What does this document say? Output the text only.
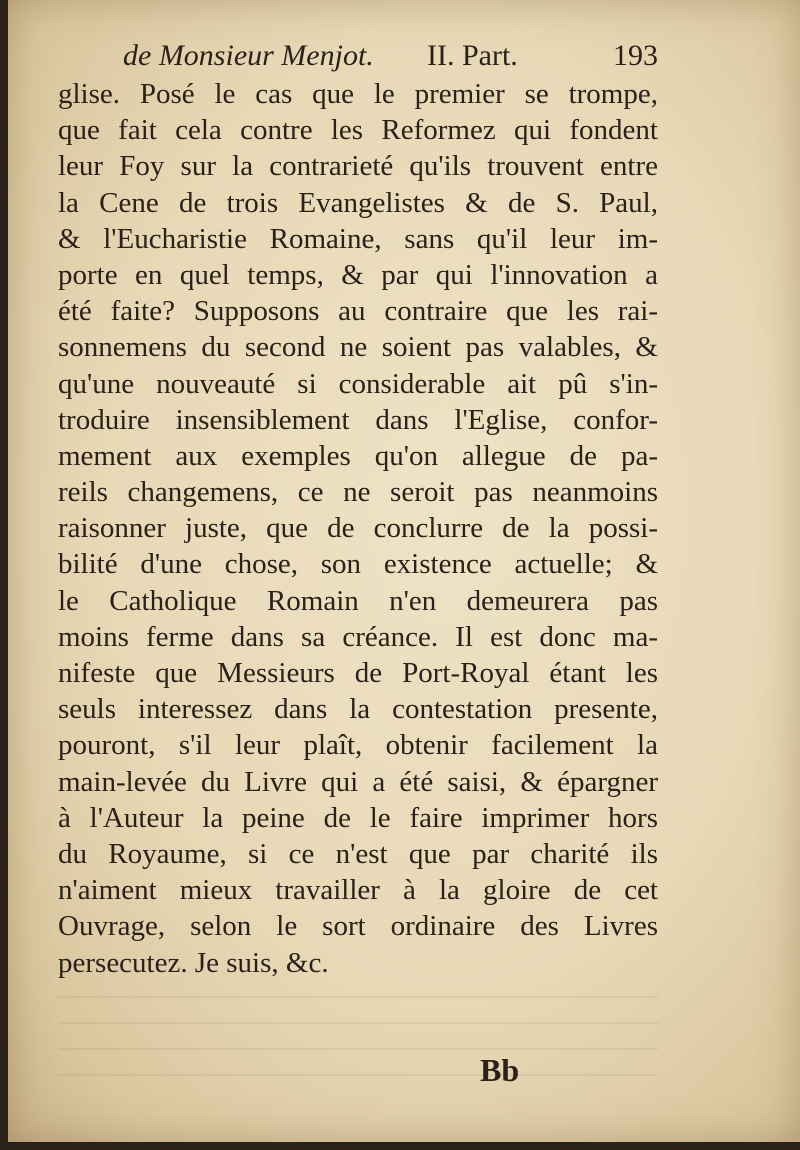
de Monsieur Menjot. II. Part.	193
glise. Posé le cas que le premier se trompe,
que fait cela contre les Reformez qui fondent
leur Foy sur la contrarieté qu'ils trouvent entre
la Cene de trois Evangelistes & de S. Paul,
& l'Eucharistie Romaine, sans qu'il leur im-
porte en quel temps, & par qui l'innovation a
été faite? Supposons au contraire que les rai-
sonnemens du second ne soient pas valables, &
qu'une nouveauté si considerable ait pû s'in-
troduire insensiblement dans l'Eglise, confor-
mement aux exemples qu'on allegue de pa-
reils changemens, ce ne seroit pas neanmoins
raisonner juste, que de conclurre de la possi-
bilité d'une chose, son existence actuelle; &
le Catholique Romain n'en demeurera pas
moins ferme dans sa créance. Il est donc ma-
nifeste que Messieurs de Port-Royal étant les
seuls interessez dans la contestation presente,
pouront, s'il leur plaît, obtenir facilement la
main-levée du Livre qui a été saisi, & épargner
à l'Auteur la peine de le faire imprimer hors
du Royaume, si ce n'est que par charité ils
n'aiment mieux travailler à la gloire de cet
Ouvrage, selon le sort ordinaire des Livres
persecutez. Je suis, &c.
Bb
